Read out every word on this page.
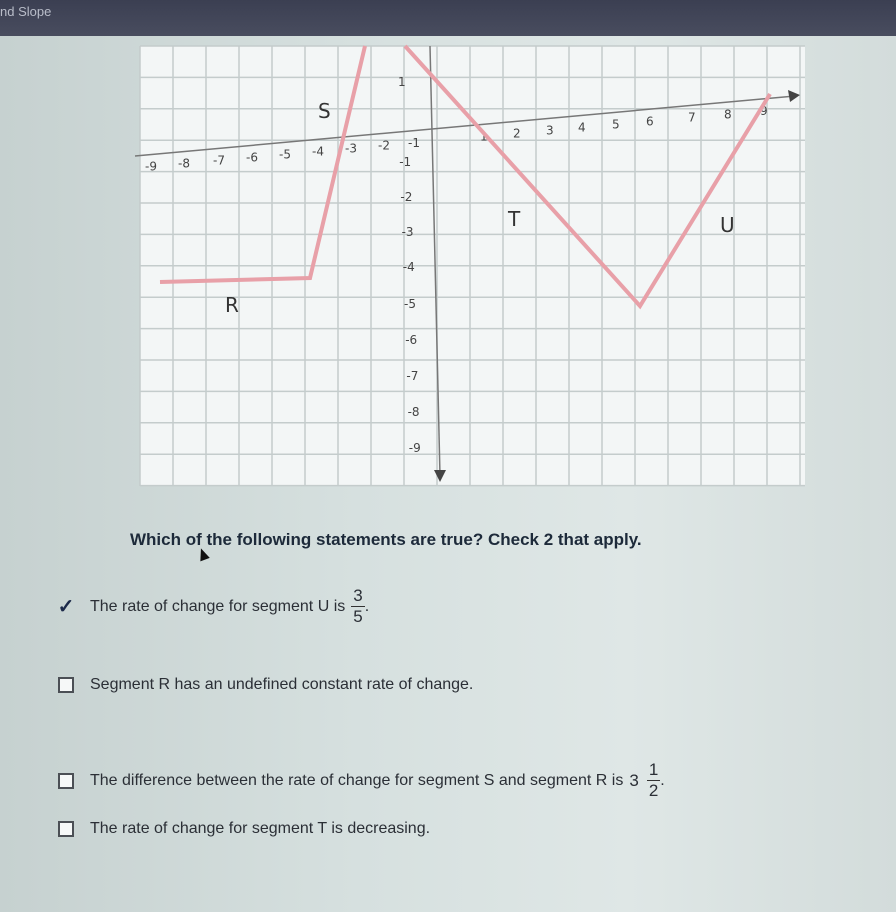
nd Slope
-9 -8 -7 -6 -5 -4 -3 -2 -1	1 2 3 4 5 6	7 8 9
1
-1
-2
-3
-4
-5
-6
-7
-8
-9
S
R
T	U
Which of the following statements are true? Check 2 that apply.
✓ The rate of change for segment U is $\frac{3}{5}$ .
Segment R has an undefined constant rate of change.
The difference between the rate of change for segment S and segment R is $3 \frac{1}{2}$ .
The rate of change for segment T is decreasing.
